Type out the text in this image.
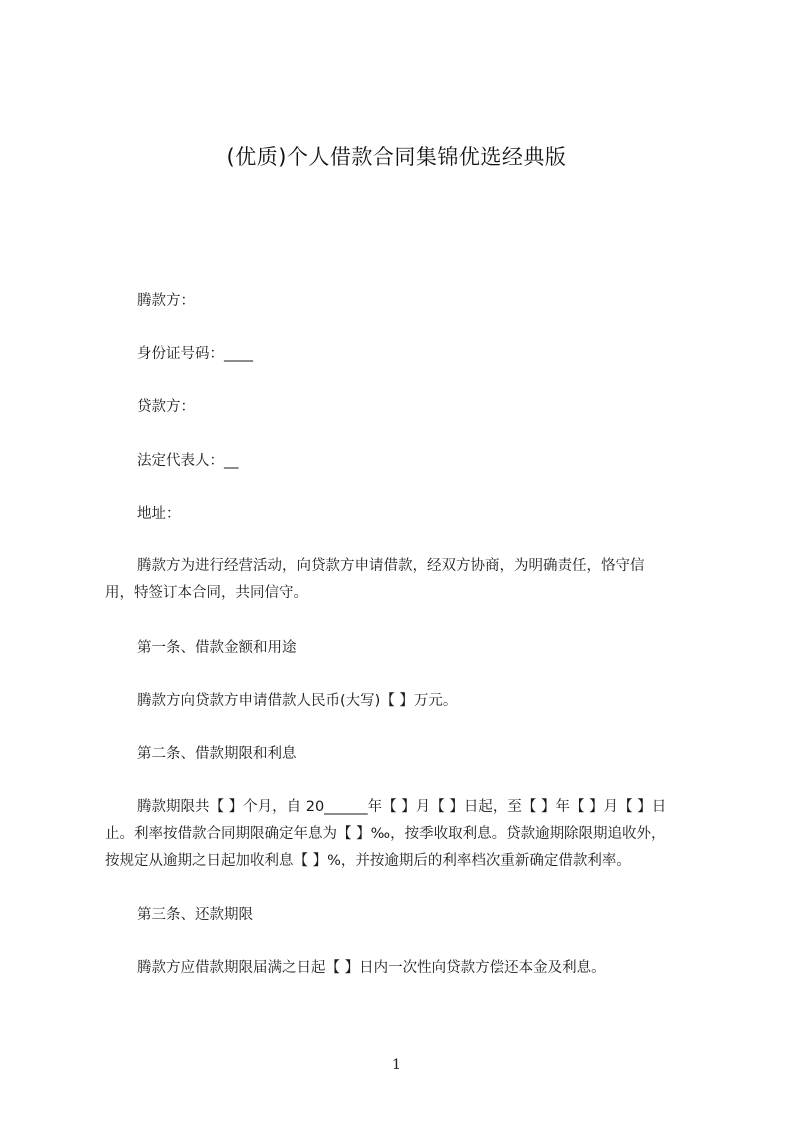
(优质)个人借款合同集锦优选经典版
腾款方：
身份证号码：____
贷款方：
法定代表人：__
地址：
腾款方为进行经营活动，向贷款方申请借款，经双方协商，为明确责任，恪守信
用，特签订本合同，共同信守。
第一条、借款金额和用途
腾款方向贷款方申请借款人民币(大写)【 】万元。
第二条、借款期限和利息
腾款期限共【 】个月，自 20______年【 】月【 】日起，至【 】年【 】月【 】日
止。利率按借款合同期限确定年息为【 】‰，按季收取利息。贷款逾期除限期追收外，
按规定从逾期之日起加收利息【 】%，并按逾期后的利率档次重新确定借款利率。
第三条、还款期限
腾款方应借款期限届满之日起【 】日内一次性向贷款方偿还本金及利息。
1
